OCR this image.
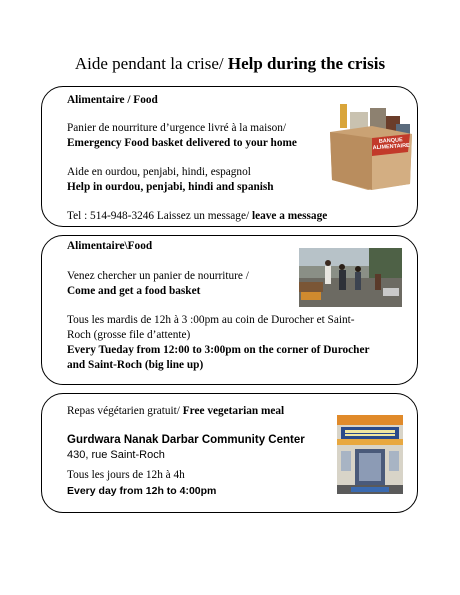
Aide pendant la crise/ Help during the crisis
Alimentaire / Food
Panier de nourriture d’urgence livré à la maison/
Emergency Food basket delivered to your home
Aide en ourdou, penjabi, hindi, espagnol
Help in ourdou, penjabi, hindi and spanish
Tel : 514-948-3246 Laissez un message/ leave a message
BANQUE
ALIMENTAIRE
Alimentaire\Food
Venez chercher un panier de nourriture /
Come and get a food basket
Tous les mardis de 12h à 3 :00pm au coin de Durocher et Saint-
Roch (grosse file d’attente)
Every Tueday from 12:00 to 3:00pm on the corner of Durocher
and Saint-Roch (big line up)
Repas végétarien gratuit/ Free vegetarian meal
Gurdwara Nanak Darbar Community Center
430, rue Saint-Roch
Tous les jours de 12h à 4h
Every day from 12h to 4:00pm
